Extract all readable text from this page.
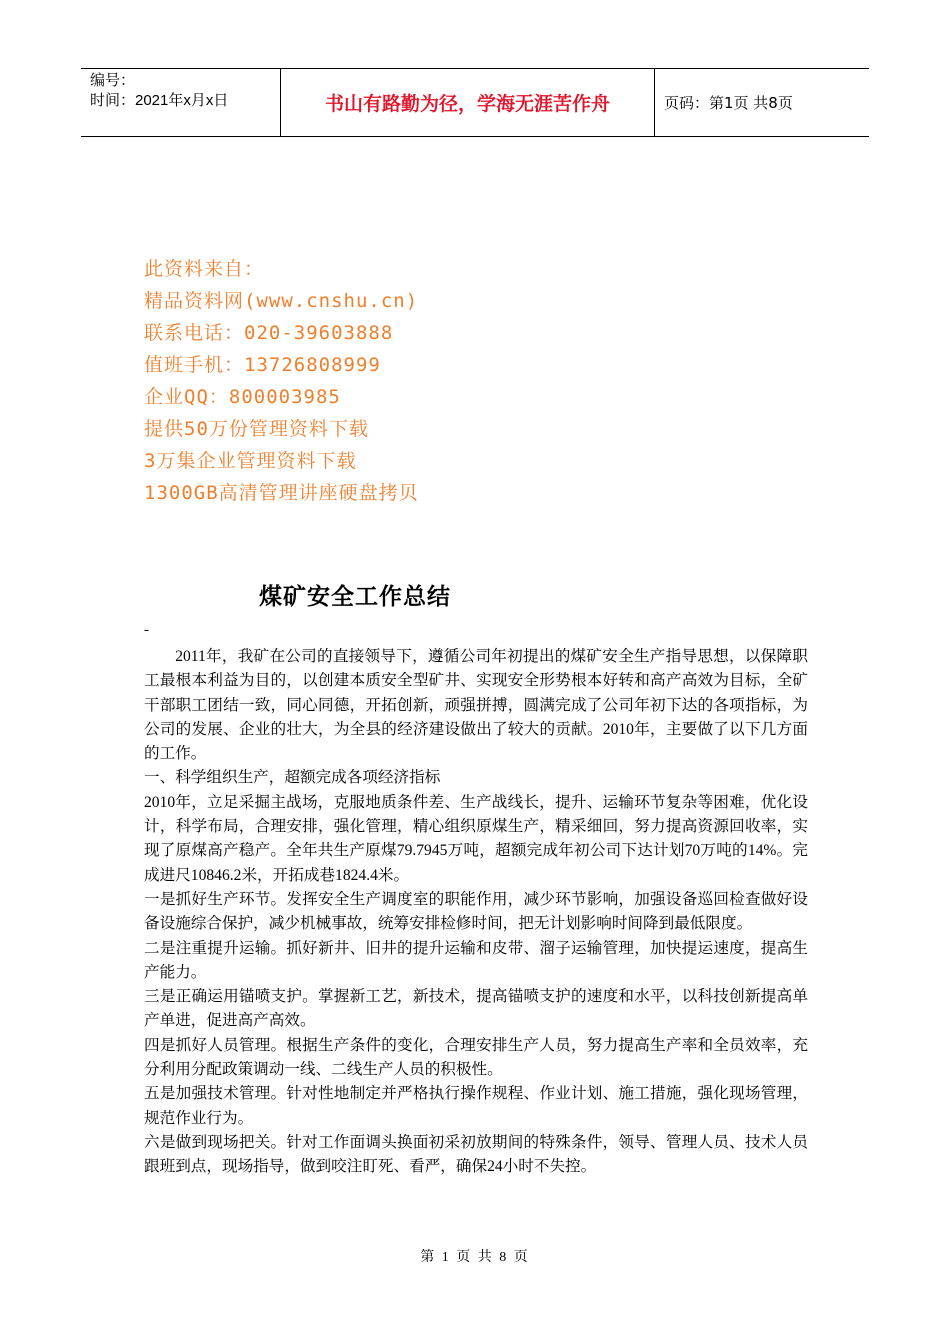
编号：
时间：2021年x月x日	书山有路勤为径，学海无涯苦作舟	页码：第1页 共8页
此资料来自：
精品资料网(www.cnshu.cn)
联系电话：020-39603888
值班手机：13726808999
企业QQ：800003985
提供50万份管理资料下载
3万集企业管理资料下载
1300GB高清管理讲座硬盘拷贝
煤矿安全工作总结
-

2011年，我矿在公司的直接领导下，遵循公司年初提出的煤矿安全生产指导思想，以保障职工最根本利益为目的，以创建本质安全型矿井、实现安全形势根本好转和高产高效为目标，全矿干部职工团结一致，同心同德，开拓创新，顽强拼搏，圆满完成了公司年初下达的各项指标，为公司的发展、企业的壮大，为全县的经济建设做出了较大的贡献。2010年，主要做了以下几方面的工作。

一、科学组织生产，超额完成各项经济指标

2010年，立足采掘主战场，克服地质条件差、生产战线长，提升、运输环节复杂等困难，优化设计，科学布局，合理安排，强化管理，精心组织原煤生产，精采细回，努力提高资源回收率，实现了原煤高产稳产。全年共生产原煤79.7945万吨，超额完成年初公司下达计划70万吨的14%。完成进尺10846.2米，开拓成巷1824.4米。

一是抓好生产环节。发挥安全生产调度室的职能作用，减少环节影响，加强设备巡回检查做好设备设施综合保护，减少机械事故，统筹安排检修时间，把无计划影响时间降到最低限度。

二是注重提升运输。抓好新井、旧井的提升运输和皮带、溜子运输管理，加快提运速度，提高生产能力。

三是正确运用锚喷支护。掌握新工艺，新技术，提高锚喷支护的速度和水平，以科技创新提高单产单进，促进高产高效。

四是抓好人员管理。根据生产条件的变化，合理安排生产人员，努力提高生产率和全员效率，充分利用分配政策调动一线、二线生产人员的积极性。

五是加强技术管理。针对性地制定并严格执行操作规程、作业计划、施工措施，强化现场管理，规范作业行为。

六是做到现场把关。针对工作面调头换面初采初放期间的特殊条件，领导、管理人员、技术人员跟班到点，现场指导，做到咬注盯死、看严，确保24小时不失控。

第 1 页 共 8 页
